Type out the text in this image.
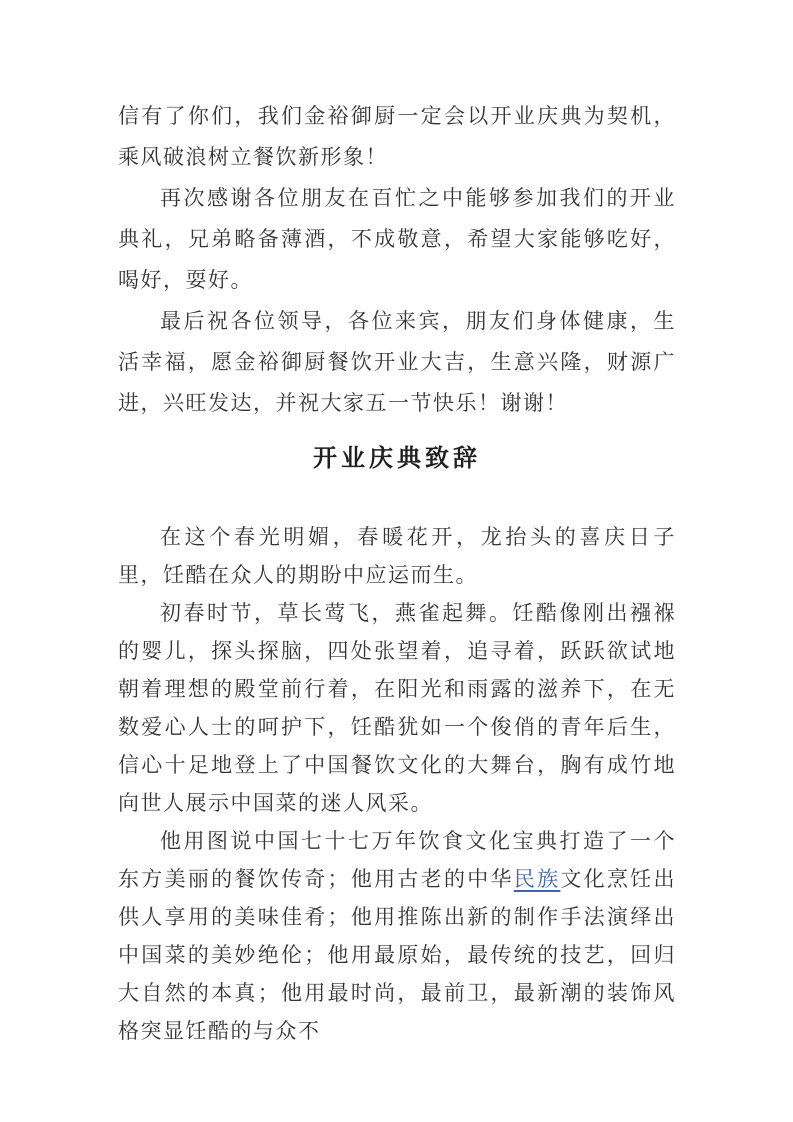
信有了你们，我们金裕御厨一定会以开业庆典为契机，乘风破浪树立餐饮新形象！

再次感谢各位朋友在百忙之中能够参加我们的开业典礼，兄弟略备薄酒，不成敬意，希望大家能够吃好，喝好，耍好。

最后祝各位领导，各位来宾，朋友们身体健康，生活幸福，愿金裕御厨餐饮开业大吉，生意兴隆，财源广进，兴旺发达，并祝大家五一节快乐！谢谢！

开业庆典致辞

在这个春光明媚，春暖花开，龙抬头的喜庆日子里，饪酷在众人的期盼中应运而生。

初春时节，草长莺飞，燕雀起舞。饪酷像刚出襁褓的婴儿，探头探脑，四处张望着，追寻着，跃跃欲试地朝着理想的殿堂前行着，在阳光和雨露的滋养下，在无数爱心人士的呵护下，饪酷犹如一个俊俏的青年后生，信心十足地登上了中国餐饮文化的大舞台，胸有成竹地向世人展示中国菜的迷人风采。

他用图说中国七十七万年饮食文化宝典打造了一个东方美丽的餐饮传奇；他用古老的中华民族文化烹饪出供人享用的美味佳肴；他用推陈出新的制作手法演绎出中国菜的美妙绝伦；他用最原始，最传统的技艺，回归大自然的本真；他用最时尚，最前卫，最新潮的装饰风格突显饪酷的与众不
